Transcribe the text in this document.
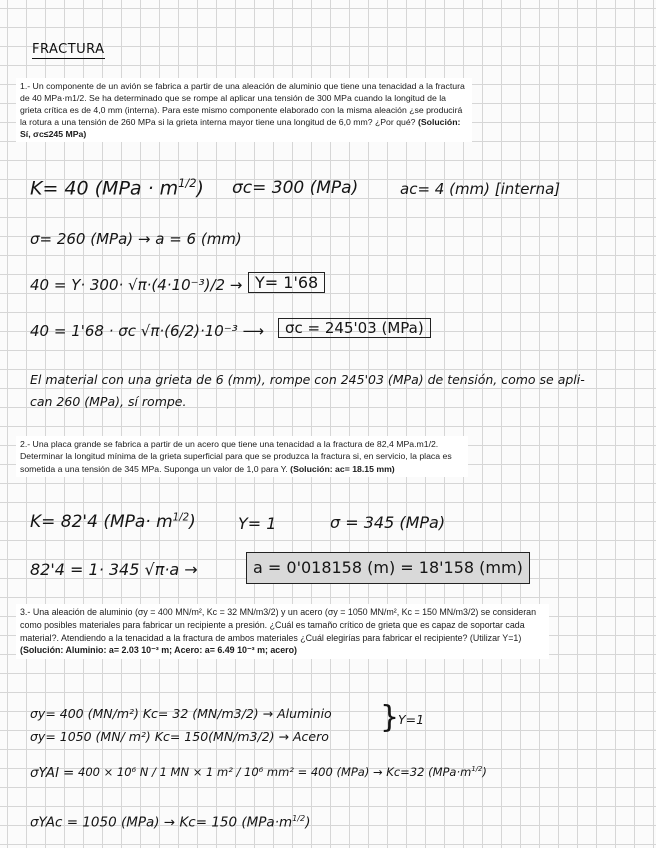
FRACTURA

1.- Un componente de un avión se fabrica a partir de una aleación de aluminio que tiene una tenacidad a la fractura de 40 MPa·m1/2. Se ha determinado que se rompe al aplicar una tensión de 300 MPa cuando la longitud de la grieta crítica es de 4,0 mm (interna). Para este mismo componente elaborado con la misma aleación ¿se producirá la rotura a una tensión de 260 MPa si la grieta interna mayor tiene una longitud de 6,0 mm? ¿Por qué? (Solución: Sí, σc≤245 MPa)

K= 40 $(MPa \cdot m^{1/2})$ σc= 300 (MPa)	ac= 4 (mm) [interna]
σ= 260 (MPa) → a = 6 (mm)
40 = Y· 300· √π·(4·10⁻³)/2 → Y= 1'68
40 = 1'68 · σc √π·(6/2)·10⁻³ ⟶	σc = 245'03 (MPa)
El material con una grieta de 6 (mm), rompe con 245'03 (MPa) de tensión, como se apli-
can 260 (MPa), sí rompe.

2.- Una placa grande se fabrica a partir de un acero que tiene una tenacidad a la fractura de 82,4 MPa.m1/2. Determinar la longitud mínima de la grieta superficial para que se produzca la fractura si, en servicio, la placa es sometida a una tensión de 345 MPa. Suponga un valor de 1,0 para Y. (Solución: ac= 18.15 mm)

K= 82'4 $(MPa\cdot m^{1/2})$	Y= 1	σ = 345 (MPa)
82'4 = 1· 345 √π·a →	a = 0'018158 (m) = 18'158 (mm)

3.- Una aleación de aluminio (σy = 400 MN/m², Kc = 32 MN/m3/2) y un acero (σy = 1050 MN/m², Kc = 150 MN/m3/2) se consideran como posibles materiales para fabricar un recipiente a presión. ¿Cuál es tamaño crítico de grieta que es capaz de soportar cada material?. Atendiendo a la tenacidad a la fractura de ambos materiales ¿Cuál elegirías para fabricar el recipiente? (Utilizar Y=1) (Solución: Aluminio: a= 2.03 10⁻³ m; Acero: a= 6.49 10⁻³ m; acero)

σy= 400 (MN/m²) Kc= 32 (MN/m3/2) → Aluminio }
Y=1
σy= 1050 (MN/ m²) Kc= 150(MN/m3/2) → Acero
σYAl = 400 × 10⁶ N / 1 MN × 1 m² / 10⁶ mm² = 400 (MPa) → Kc=32 $(MPa\cdot m^{1/2})$
σYAc = 1050 (MPa) → Kc= 150 $(MPa\cdot m^{1/2})$
